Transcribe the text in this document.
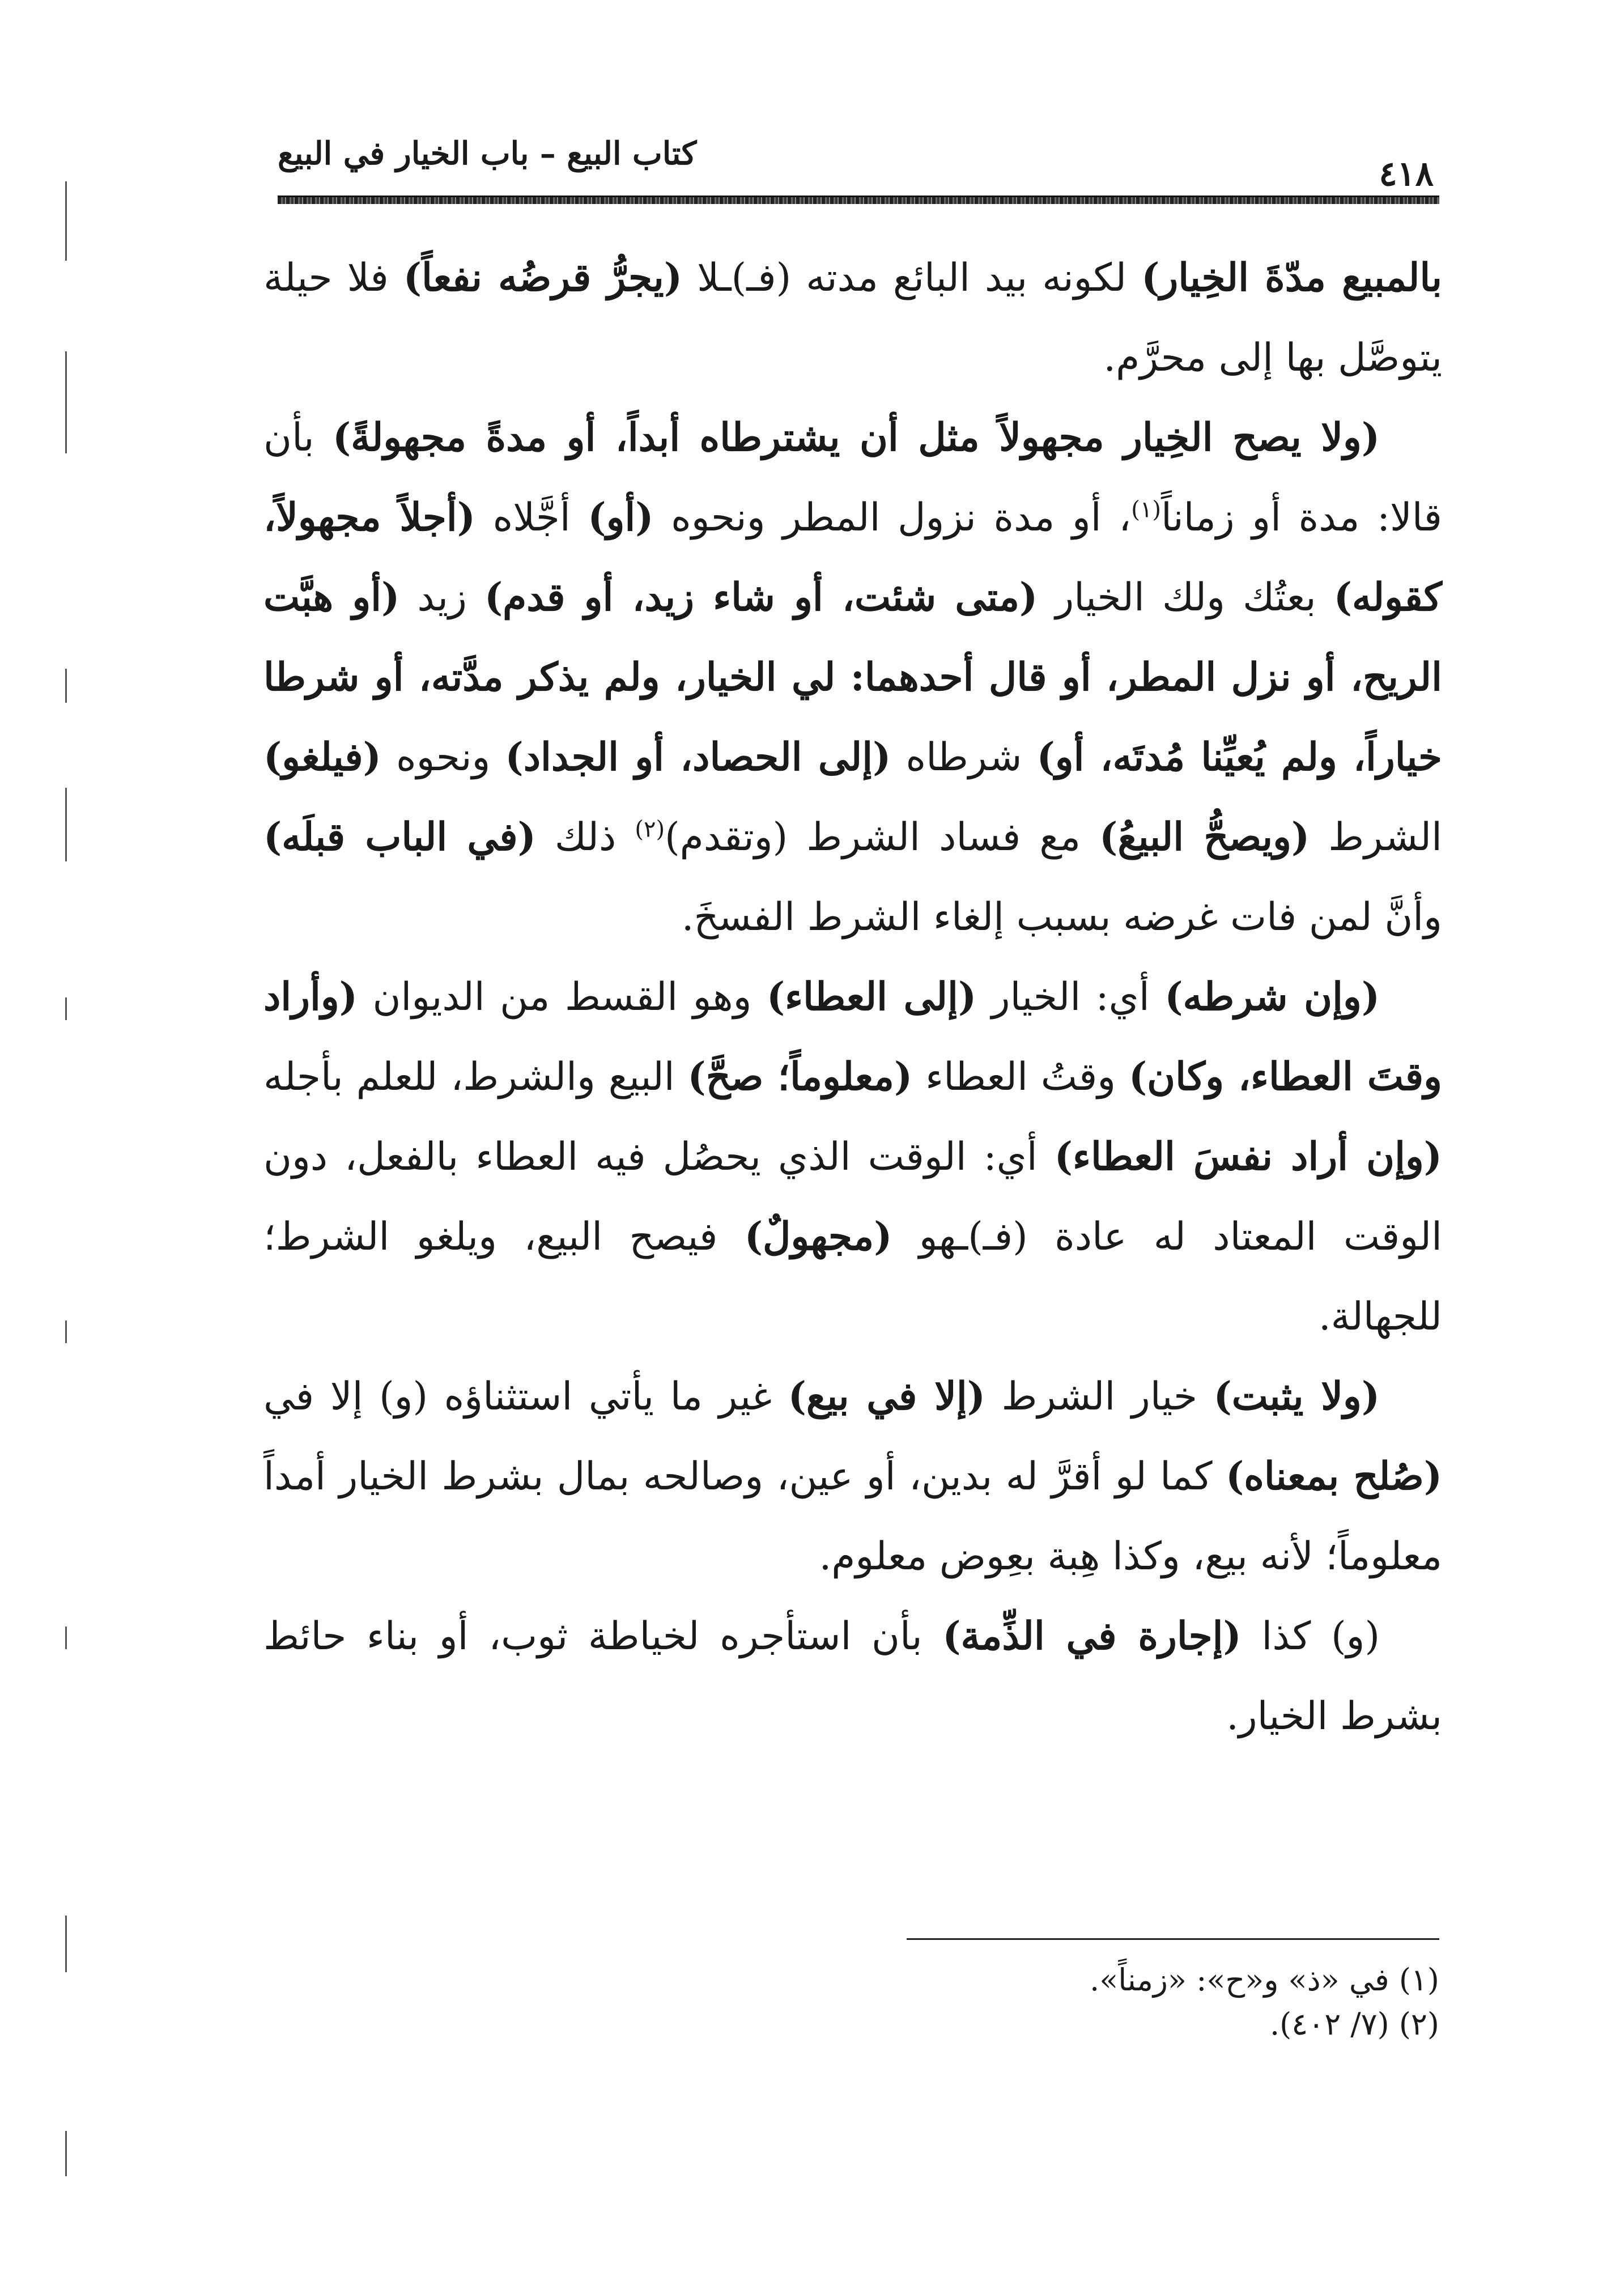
كتاب البيع – باب الخيار في البيع
٤١٨

بالمبيع مدّةَ الخِيار) لكونه بيد البائع مدته (فـ)ـلا (يجرُّ قرضُه نفعاً) فلا حيلة يتوصَّل بها إلى محرَّم.

(ولا يصح الخِيار مجهولاً مثل أن يشترطاه أبداً، أو مدةً مجهولةً) بأن قالا: مدة أو زماناً$^{(١)}$، أو مدة نزول المطر ونحوه (أو) أجَّلاه (أجلاً مجهولاً، كقوله) بعتُك ولك الخيار (متى شئت، أو شاء زيد، أو قدم) زيد (أو هبَّت الريح، أو نزل المطر، أو قال أحدهما: لي الخيار، ولم يذكر مدَّته، أو شرطا خياراً، ولم يُعيِّنا مُدتَه، أو) شرطاه (إلى الحصاد، أو الجداد) ونحوه (فيلغو) الشرط (ويصحُّ البيعُ) مع فساد الشرط (وتقدم)$^{(٢)}$ ذلك (في الباب قبلَه) وأنَّ لمن فات غرضه بسبب إلغاء الشرط الفسخَ.

(وإن شرطه) أي: الخيار (إلى العطاء) وهو القسط من الديوان (وأراد وقتَ العطاء، وكان) وقتُ العطاء (معلوماً؛ صحَّ) البيع والشرط، للعلم بأجله (وإن أراد نفسَ العطاء) أي: الوقت الذي يحصُل فيه العطاء بالفعل، دون الوقت المعتاد له عادة (فـ)ـهو (مجهولٌ) فيصح البيع، ويلغو الشرط؛ للجهالة.

(ولا يثبت) خيار الشرط (إلا في بيع) غير ما يأتي استثناؤه (و) إلا في (صُلح بمعناه) كما لو أقرَّ له بدين، أو عين، وصالحه بمال بشرط الخيار أمداً معلوماً؛ لأنه بيع، وكذا هِبة بعِوض معلوم.

(و) كذا (إجارة في الذِّمة) بأن استأجره لخياطة ثوب، أو بناء حائط بشرط الخيار.

(١) في «ذ» و«ح»: «زمناً».

(٢) (٧/ ٤٠٢).
